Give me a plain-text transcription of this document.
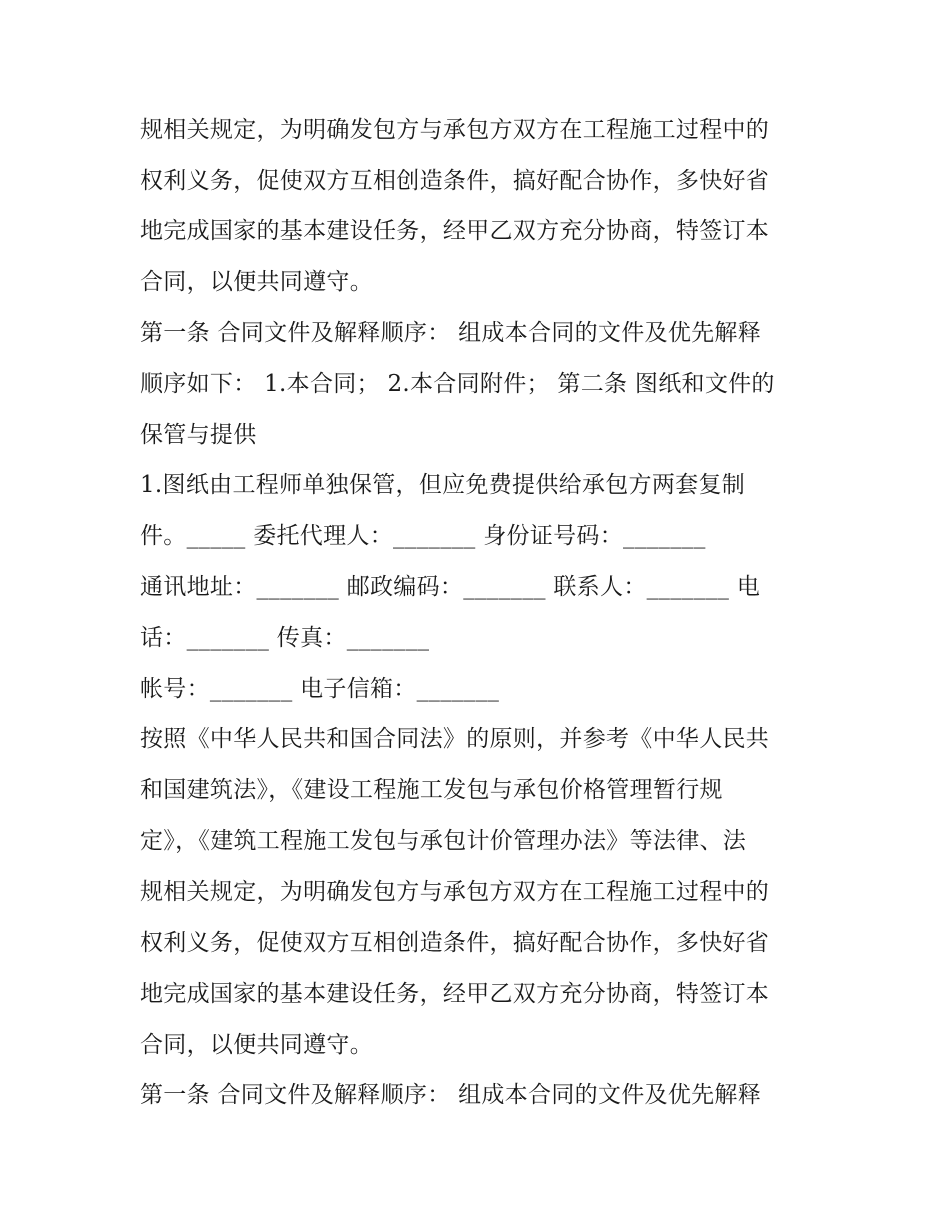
规相关规定，为明确发包方与承包方双方在工程施工过程中的

权利义务，促使双方互相创造条件，搞好配合协作，多快好省

地完成国家的基本建设任务，经甲乙双方充分协商，特签订本

合同，以便共同遵守。

第一条 合同文件及解释顺序： 组成本合同的文件及优先解释

顺序如下： 1.本合同； 2.本合同附件； 第二条 图纸和文件的

保管与提供

1.图纸由工程师单独保管，但应免费提供给承包方两套复制

件。_____ 委托代理人：_______ 身份证号码：_______

通讯地址：_______ 邮政编码：_______ 联系人：_______ 电

话：_______ 传真：_______

帐号：_______ 电子信箱：_______

按照《中华人民共和国合同法》的原则，并参考《中华人民共

和国建筑法》，《建设工程施工发包与承包价格管理暂行规

定》，《建筑工程施工发包与承包计价管理办法》等法律、法

规相关规定，为明确发包方与承包方双方在工程施工过程中的

权利义务，促使双方互相创造条件，搞好配合协作，多快好省

地完成国家的基本建设任务，经甲乙双方充分协商，特签订本

合同，以便共同遵守。

第一条 合同文件及解释顺序： 组成本合同的文件及优先解释
